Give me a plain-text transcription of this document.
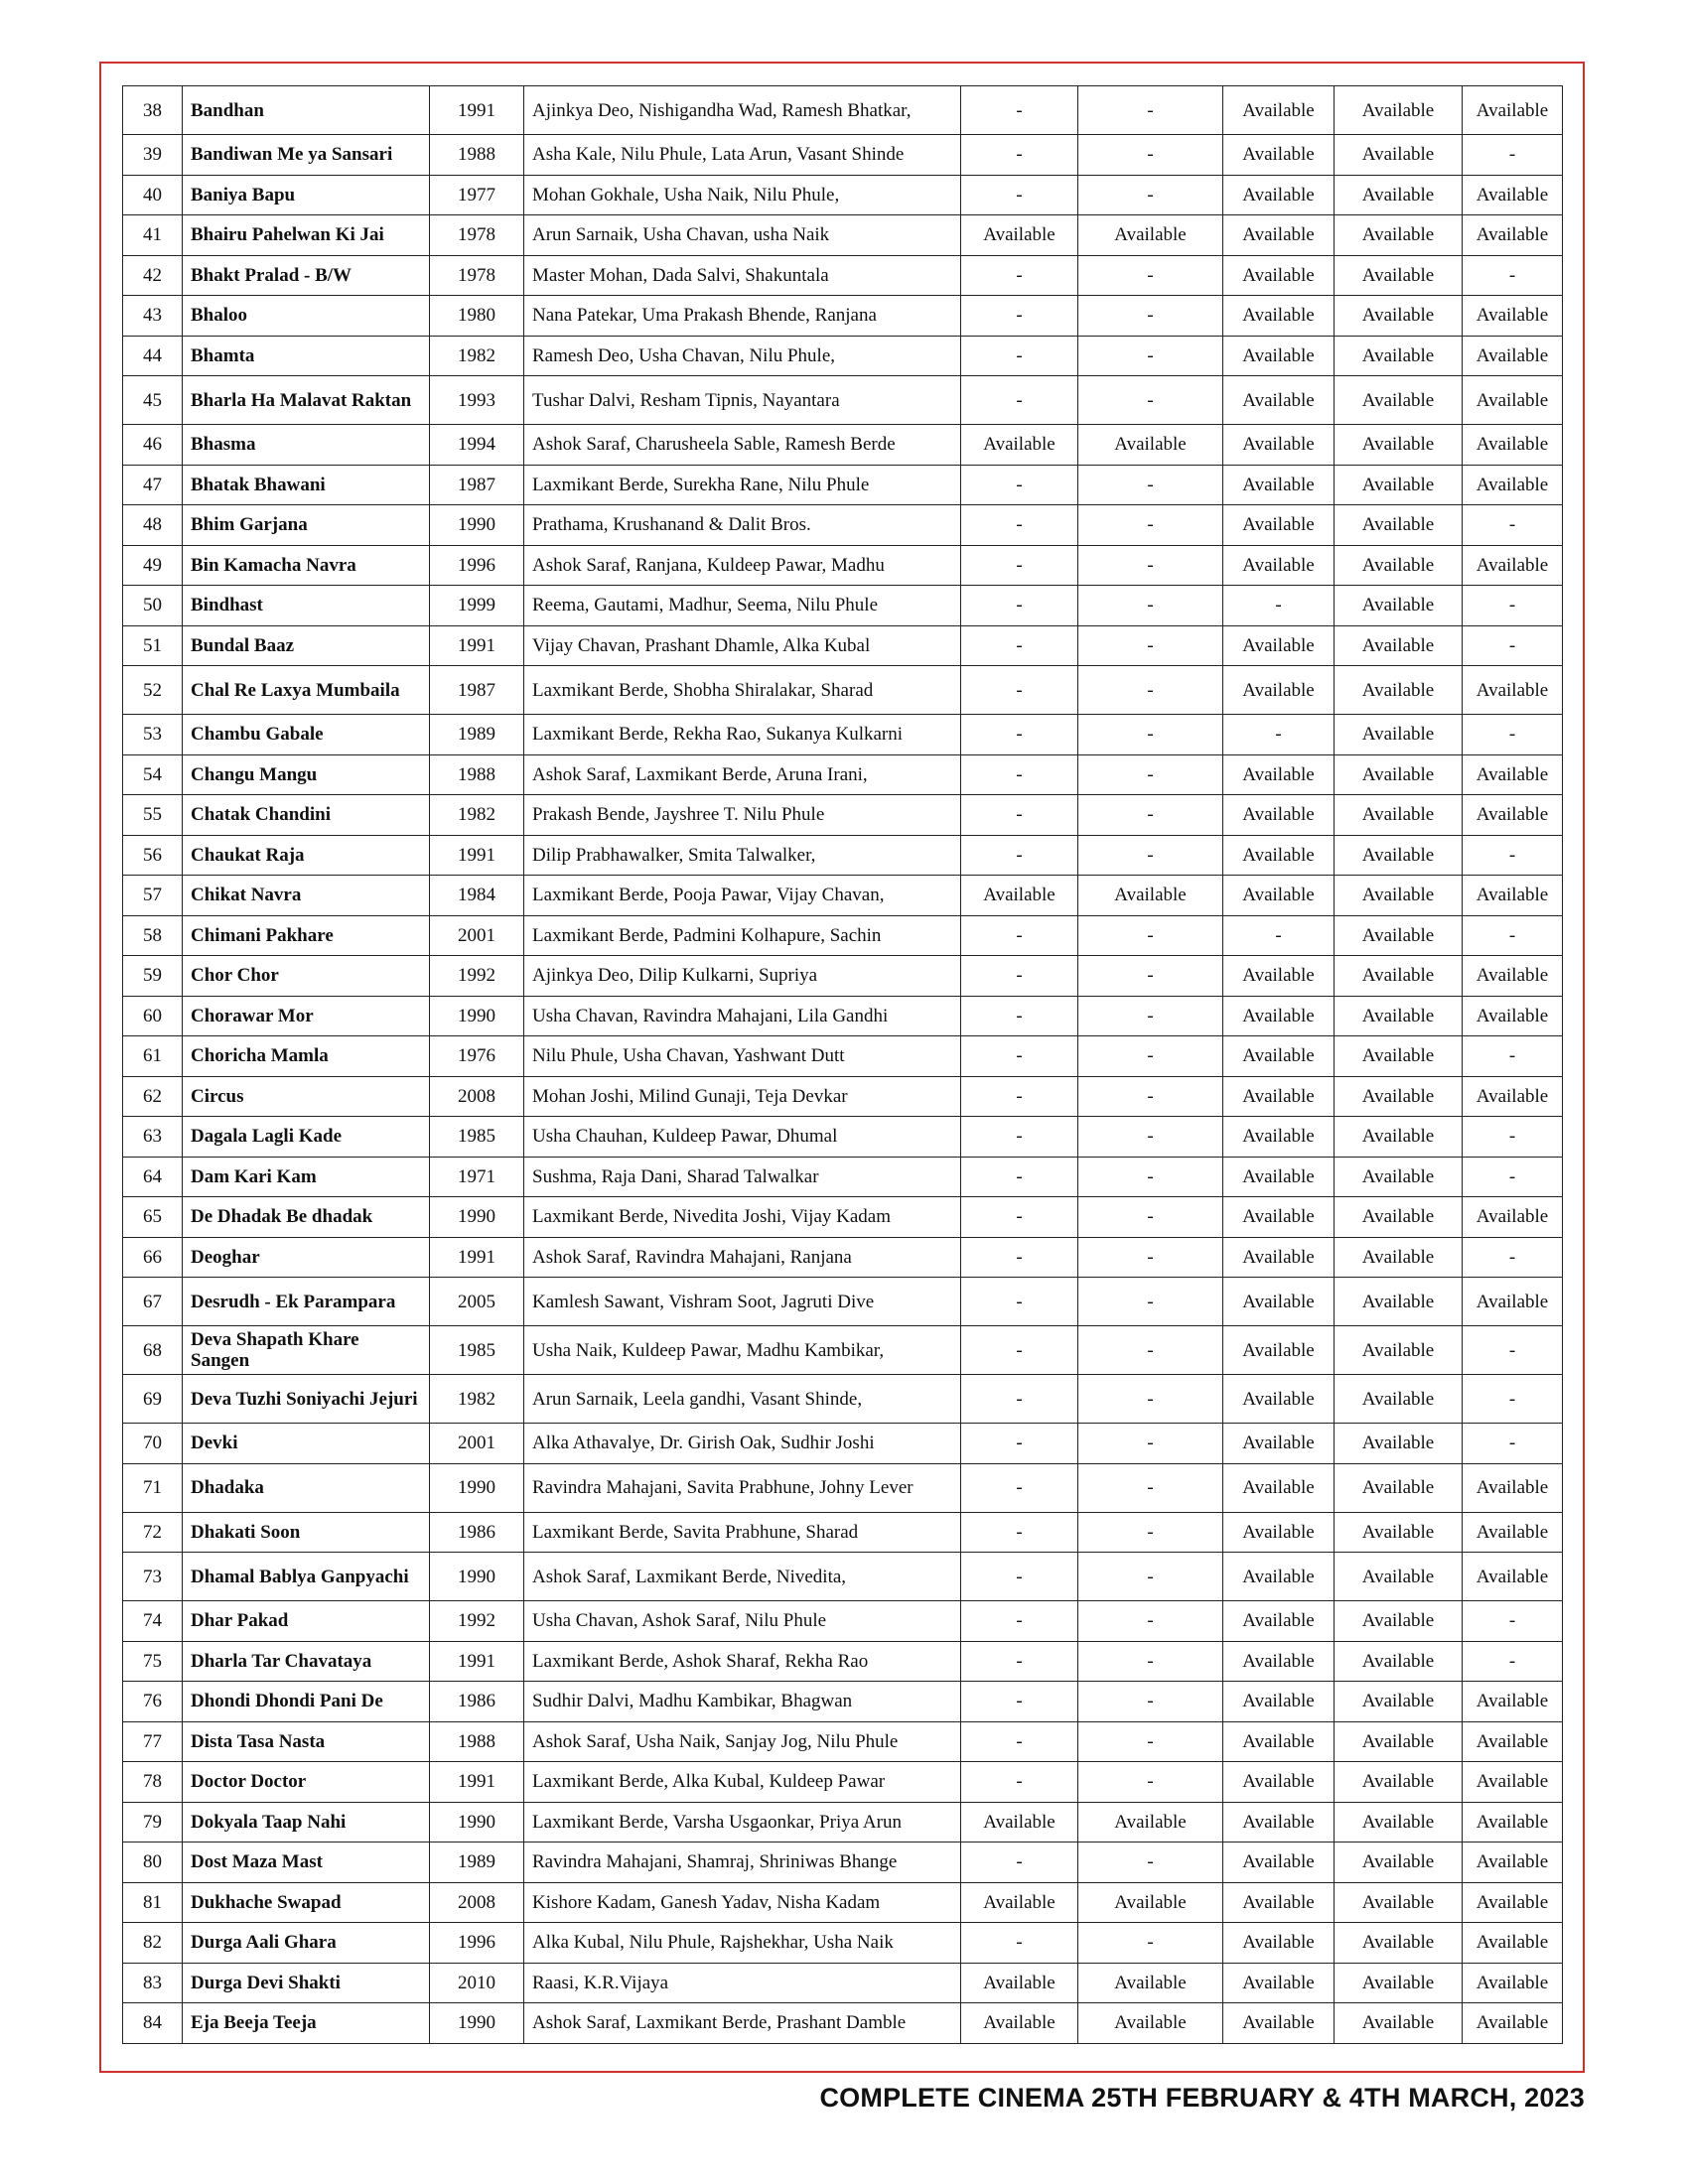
38	Bandhan	1991	Ajinkya Deo, Nishigandha Wad, Ramesh Bhatkar,	-	-	Available	Available	Available
39	Bandiwan Me ya Sansari	1988	Asha Kale, Nilu Phule, Lata Arun, Vasant Shinde	-	-	Available	Available	-
40	Baniya Bapu	1977	Mohan Gokhale, Usha Naik, Nilu Phule,	-	-	Available	Available	Available
41	Bhairu Pahelwan Ki Jai	1978	Arun Sarnaik, Usha Chavan, usha Naik	Available	Available	Available	Available	Available
42	Bhakt Pralad - B/W	1978	Master Mohan, Dada Salvi, Shakuntala	-	-	Available	Available	-
43	Bhaloo	1980	Nana Patekar, Uma Prakash Bhende, Ranjana	-	-	Available	Available	Available
44	Bhamta	1982	Ramesh Deo, Usha Chavan, Nilu Phule,	-	-	Available	Available	Available
45	Bharla Ha Malavat Raktan	1993	Tushar Dalvi, Resham Tipnis, Nayantara	-	-	Available	Available	Available
46	Bhasma	1994	Ashok Saraf, Charusheela Sable, Ramesh Berde	Available	Available	Available	Available	Available
47	Bhatak Bhawani	1987	Laxmikant Berde, Surekha Rane, Nilu Phule	-	-	Available	Available	Available
48	Bhim Garjana	1990	Prathama, Krushanand & Dalit Bros.	-	-	Available	Available	-
49	Bin Kamacha Navra	1996	Ashok Saraf, Ranjana, Kuldeep Pawar, Madhu	-	-	Available	Available	Available
50	Bindhast	1999	Reema, Gautami, Madhur, Seema, Nilu Phule	-	-	-	Available	-
51	Bundal Baaz	1991	Vijay Chavan, Prashant Dhamle, Alka Kubal	-	-	Available	Available	-
52	Chal Re Laxya Mumbaila	1987	Laxmikant Berde, Shobha Shiralakar, Sharad	-	-	Available	Available	Available
53	Chambu Gabale	1989	Laxmikant Berde, Rekha Rao, Sukanya Kulkarni	-	-	-	Available	-
54	Changu Mangu	1988	Ashok Saraf, Laxmikant Berde, Aruna Irani,	-	-	Available	Available	Available
55	Chatak Chandini	1982	Prakash Bende, Jayshree T. Nilu Phule	-	-	Available	Available	Available
56	Chaukat Raja	1991	Dilip Prabhawalker, Smita Talwalker,	-	-	Available	Available	-
57	Chikat Navra	1984	Laxmikant Berde, Pooja Pawar, Vijay Chavan,	Available	Available	Available	Available	Available
58	Chimani Pakhare	2001	Laxmikant Berde, Padmini Kolhapure, Sachin	-	-	-	Available	-
59	Chor Chor	1992	Ajinkya Deo, Dilip Kulkarni, Supriya	-	-	Available	Available	Available
60	Chorawar Mor	1990	Usha Chavan, Ravindra Mahajani, Lila Gandhi	-	-	Available	Available	Available
61	Choricha Mamla	1976	Nilu Phule, Usha Chavan, Yashwant Dutt	-	-	Available	Available	-
62	Circus	2008	Mohan Joshi, Milind Gunaji, Teja Devkar	-	-	Available	Available	Available
63	Dagala Lagli Kade	1985	Usha Chauhan, Kuldeep Pawar, Dhumal	-	-	Available	Available	-
64	Dam Kari Kam	1971	Sushma, Raja Dani, Sharad Talwalkar	-	-	Available	Available	-
65	De Dhadak Be dhadak	1990	Laxmikant Berde, Nivedita Joshi, Vijay Kadam	-	-	Available	Available	Available
66	Deoghar	1991	Ashok Saraf, Ravindra Mahajani, Ranjana	-	-	Available	Available	-
67	Desrudh - Ek Parampara	2005	Kamlesh Sawant, Vishram Soot, Jagruti Dive	-	-	Available	Available	Available
68	Deva Shapath Khare Sangen	1985	Usha Naik, Kuldeep Pawar, Madhu Kambikar,	-	-	Available	Available	-
69	Deva Tuzhi Soniyachi Jejuri	1982	Arun Sarnaik, Leela gandhi, Vasant Shinde,	-	-	Available	Available	-
70	Devki	2001	Alka Athavalye, Dr. Girish Oak, Sudhir Joshi	-	-	Available	Available	-
71	Dhadaka	1990	Ravindra Mahajani, Savita Prabhune, Johny Lever	-	-	Available	Available	Available
72	Dhakati Soon	1986	Laxmikant Berde, Savita Prabhune, Sharad	-	-	Available	Available	Available
73	Dhamal Bablya Ganpyachi	1990	Ashok Saraf, Laxmikant Berde, Nivedita,	-	-	Available	Available	Available
74	Dhar Pakad	1992	Usha Chavan, Ashok Saraf, Nilu Phule	-	-	Available	Available	-
75	Dharla Tar Chavataya	1991	Laxmikant Berde, Ashok Sharaf, Rekha Rao	-	-	Available	Available	-
76	Dhondi Dhondi Pani De	1986	Sudhir Dalvi, Madhu Kambikar, Bhagwan	-	-	Available	Available	Available
77	Dista Tasa Nasta	1988	Ashok Saraf, Usha Naik, Sanjay Jog, Nilu Phule	-	-	Available	Available	Available
78	Doctor Doctor	1991	Laxmikant Berde, Alka Kubal, Kuldeep Pawar	-	-	Available	Available	Available
79	Dokyala Taap Nahi	1990	Laxmikant Berde, Varsha Usgaonkar, Priya Arun	Available	Available	Available	Available	Available
80	Dost Maza Mast	1989	Ravindra Mahajani, Shamraj, Shriniwas Bhange	-	-	Available	Available	Available
81	Dukhache Swapad	2008	Kishore Kadam, Ganesh Yadav, Nisha Kadam	Available	Available	Available	Available	Available
82	Durga Aali Ghara	1996	Alka Kubal, Nilu Phule, Rajshekhar, Usha Naik	-	-	Available	Available	Available
83	Durga Devi Shakti	2010	Raasi, K.R.Vijaya	Available	Available	Available	Available	Available
84	Eja Beeja Teeja	1990	Ashok Saraf, Laxmikant Berde, Prashant Damble	Available	Available	Available	Available	Available
COMPLETE CINEMA 25TH FEBRUARY & 4TH MARCH, 2023
